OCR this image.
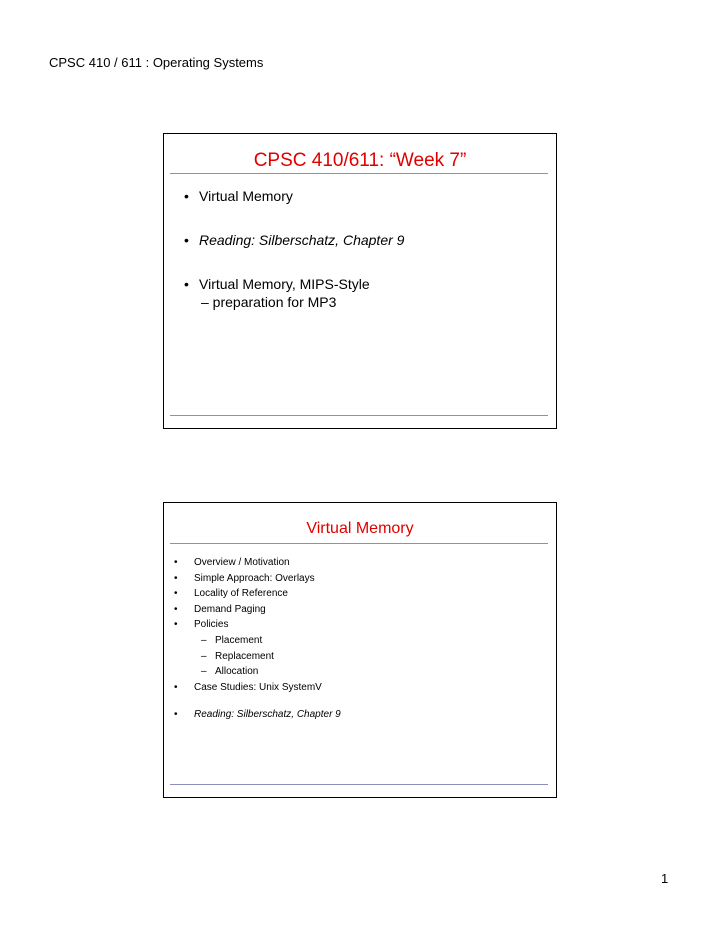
CPSC 410 / 611 : Operating Systems
CPSC 410/611: “Week 7”
• Virtual Memory
• Reading: Silberschatz, Chapter 9
• Virtual Memory, MIPS-Style
– preparation for MP3
Virtual Memory
• Overview / Motivation
• Simple Approach: Overlays
• Locality of Reference
• Demand Paging
• Policies
– Placement
– Replacement
– Allocation
• Case Studies: Unix SystemV
• Reading: Silberschatz, Chapter 9
1
